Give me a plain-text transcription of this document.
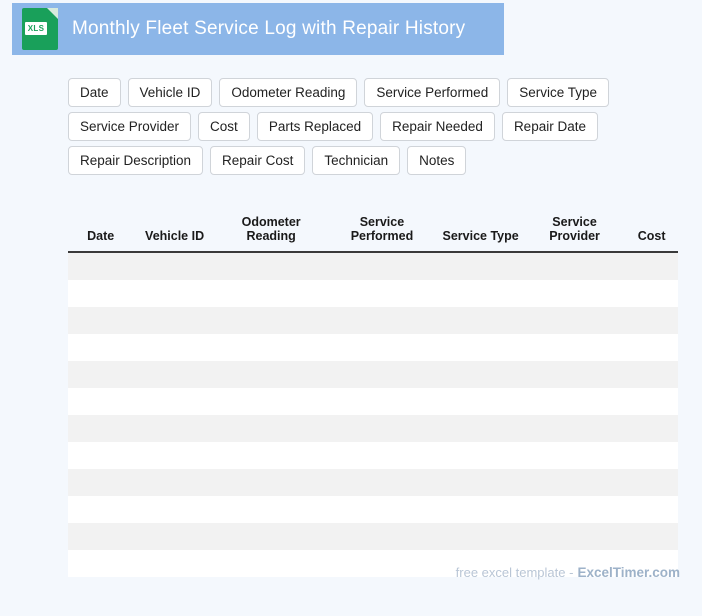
XLS Monthly Fleet Service Log with Repair History
Date	Vehicle ID	Odometer Reading	Service Performed	Service Type
Service Provider	Cost	Parts Replaced	Repair Needed	Repair Date
Repair Description	Repair Cost	Technician	Notes
Date	Vehicle ID	Odometer Reading	Service Performed	Service Type	Service Provider	Cost

free excel template - ExcelTimer.com
